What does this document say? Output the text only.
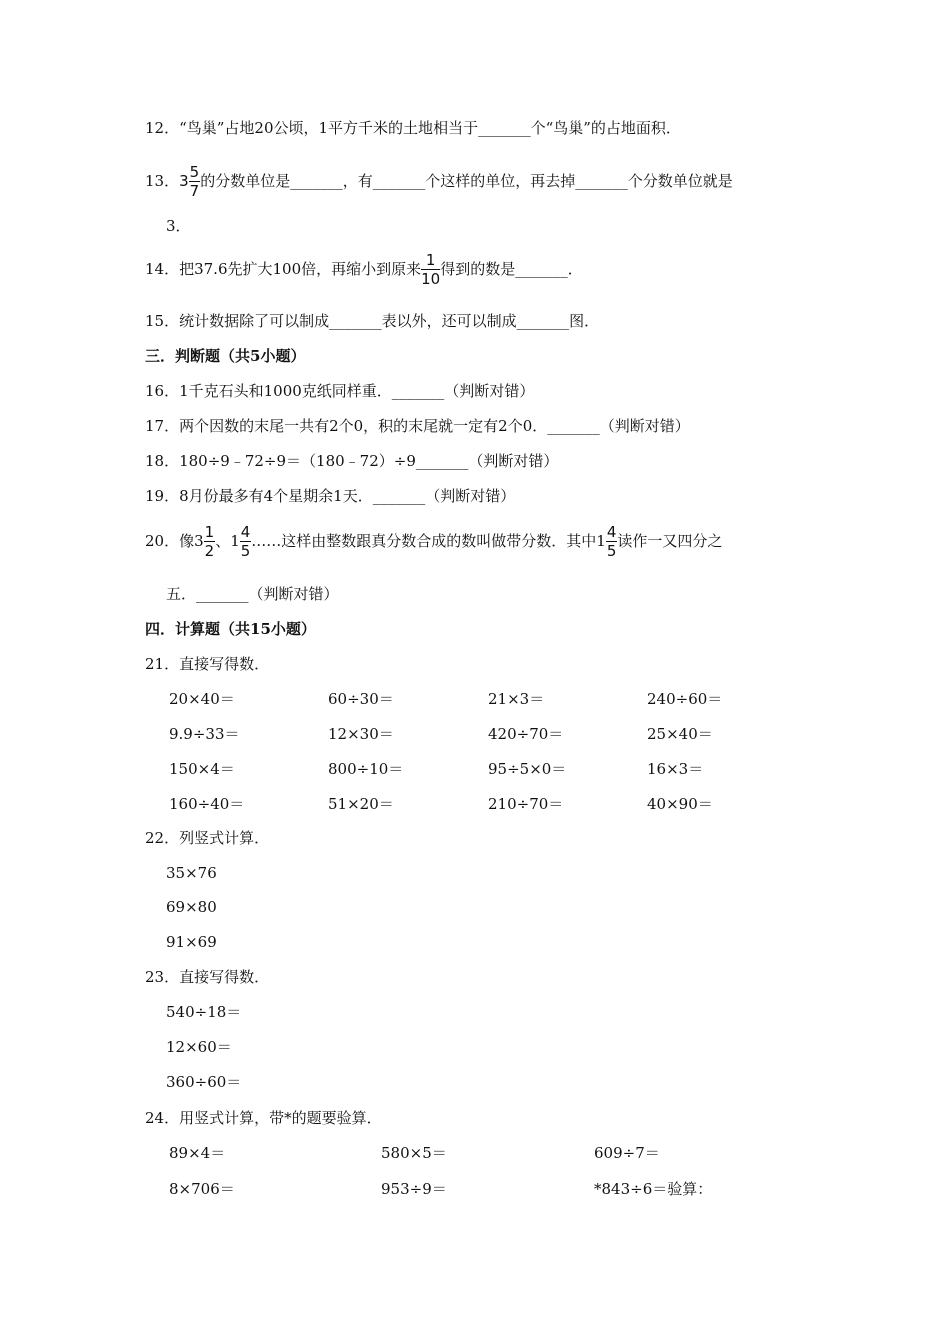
12．“鸟巢”占地20公顷，1平方千米的土地相当于_______个“鸟巢”的占地面积．
13．$3 \frac{5}{7}$ 的分数单位是_______，有_______个这样的单位，再去掉_______个分数单位就是
3．
14．把37.6先扩大100倍，再缩小到原来 $\frac{1}{10}$ 得到的数是_______．
15．统计数据除了可以制成_______表以外，还可以制成_______图．
三．判断题（共5小题）
16．1千克石头和1000克纸同样重．_______（判断对错）
17．两个因数的末尾一共有2个0，积的末尾就一定有2个0．_______（判断对错）
18．180÷9﹣72÷9＝（180﹣72）÷9_______（判断对错）
19．8月份最多有4个星期余1天．_______（判断对错）
20．像$3 \frac{1}{2}$ 、$1 \frac{4}{5}$ ……这样由整数跟真分数合成的数叫做带分数．其中$1 \frac{4}{5}$ 读作一又四分之
五．_______（判断对错）
四．计算题（共15小题）
21．直接写得数．
20×40＝	60÷30＝	21×3＝	240÷60＝
9.9÷33＝	12×30＝	420÷70＝	25×40＝
150×4＝	800÷10＝	95÷5×0＝	16×3＝
160÷40＝	51×20＝	210÷70＝	40×90＝
22．列竖式计算．
35×76
69×80
91×69
23．直接写得数．
540÷18＝
12×60＝
360÷60＝
24．用竖式计算，带*的题要验算．
89×4＝	580×5＝	609÷7＝
8×706＝	953÷9＝	*843÷6＝验算：
